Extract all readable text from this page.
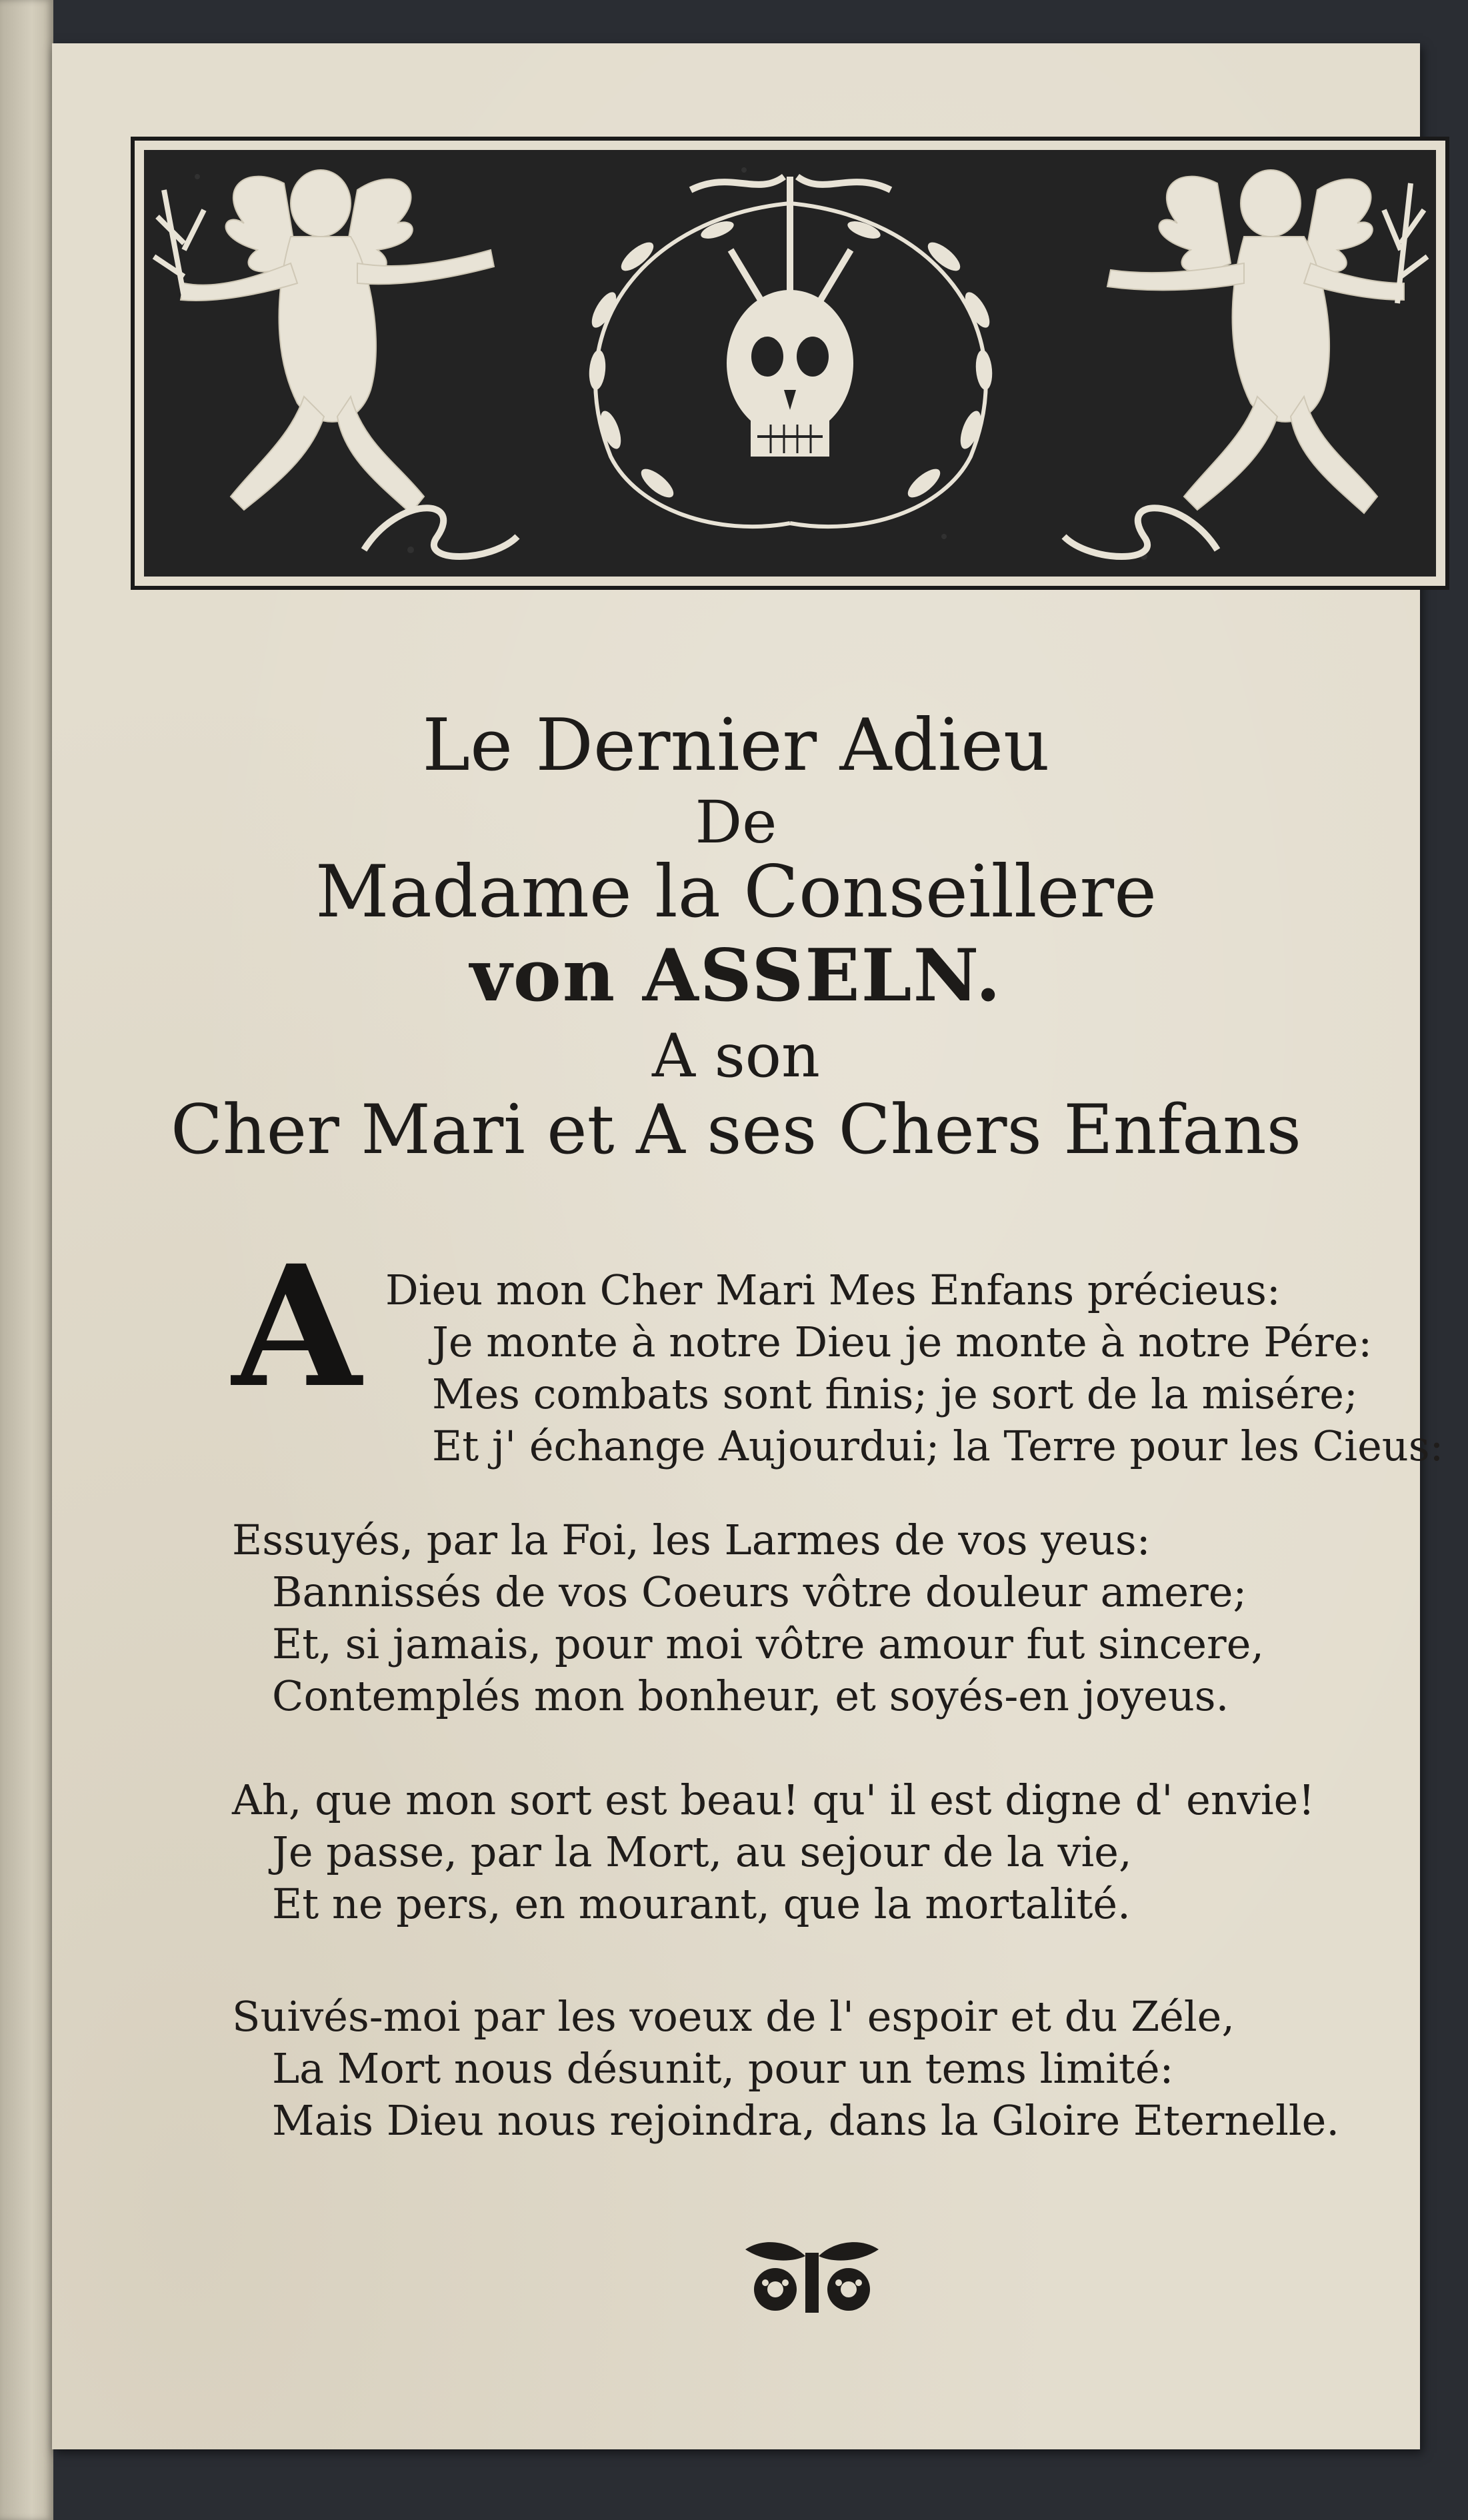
Le Dernier Adieu
De
Madame la Conseillere
von ASSELN.
A son
Cher Mari et A ses Chers Enfans
A Dieu mon Cher Mari Mes Enfans précieus:
Je monte à notre Dieu je monte à notre Pére:
Mes combats sont finis; je sort de la misére;
Et j' échange Aujourdui; la Terre pour les Cieus:
Essuyés, par la Foi, les Larmes de vos yeus:
Bannissés de vos Coeurs vôtre douleur amere;
Et, si jamais, pour moi vôtre amour fut sincere,
Contemplés mon bonheur, et soyés-en joyeus.
Ah, que mon sort est beau! qu' il est digne d' envie!
Je passe, par la Mort, au sejour de la vie,
Et ne pers, en mourant, que la mortalité.
Suivés-moi par les voeux de l' espoir et du Zéle,
La Mort nous désunit, pour un tems limité:
Mais Dieu nous rejoindra, dans la Gloire Eternelle.
